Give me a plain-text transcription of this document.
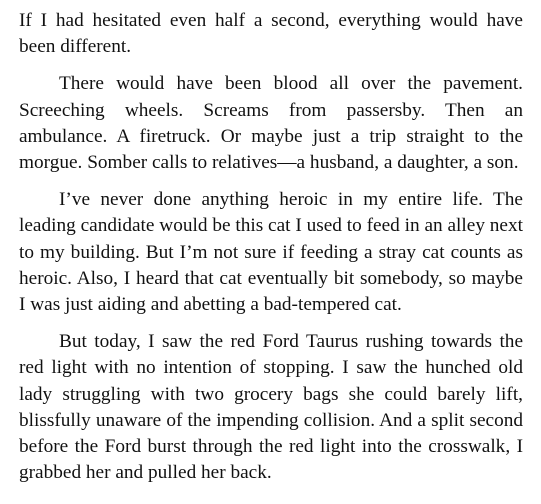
If I had hesitated even half a second, everything would have been different.

There would have been blood all over the pavement. Screeching wheels. Screams from passersby. Then an ambulance. A firetruck. Or maybe just a trip straight to the morgue. Somber calls to relatives—a husband, a daughter, a son.

I’ve never done anything heroic in my entire life. The leading candidate would be this cat I used to feed in an alley next to my building. But I’m not sure if feeding a stray cat counts as heroic. Also, I heard that cat eventually bit somebody, so maybe I was just aiding and abetting a bad-tempered cat.

But today, I saw the red Ford Taurus rushing towards the red light with no intention of stopping. I saw the hunched old lady struggling with two grocery bags she could barely lift, blissfully unaware of the impending collision. And a split second before the Ford burst through the red light into the crosswalk, I grabbed her and pulled her back.
